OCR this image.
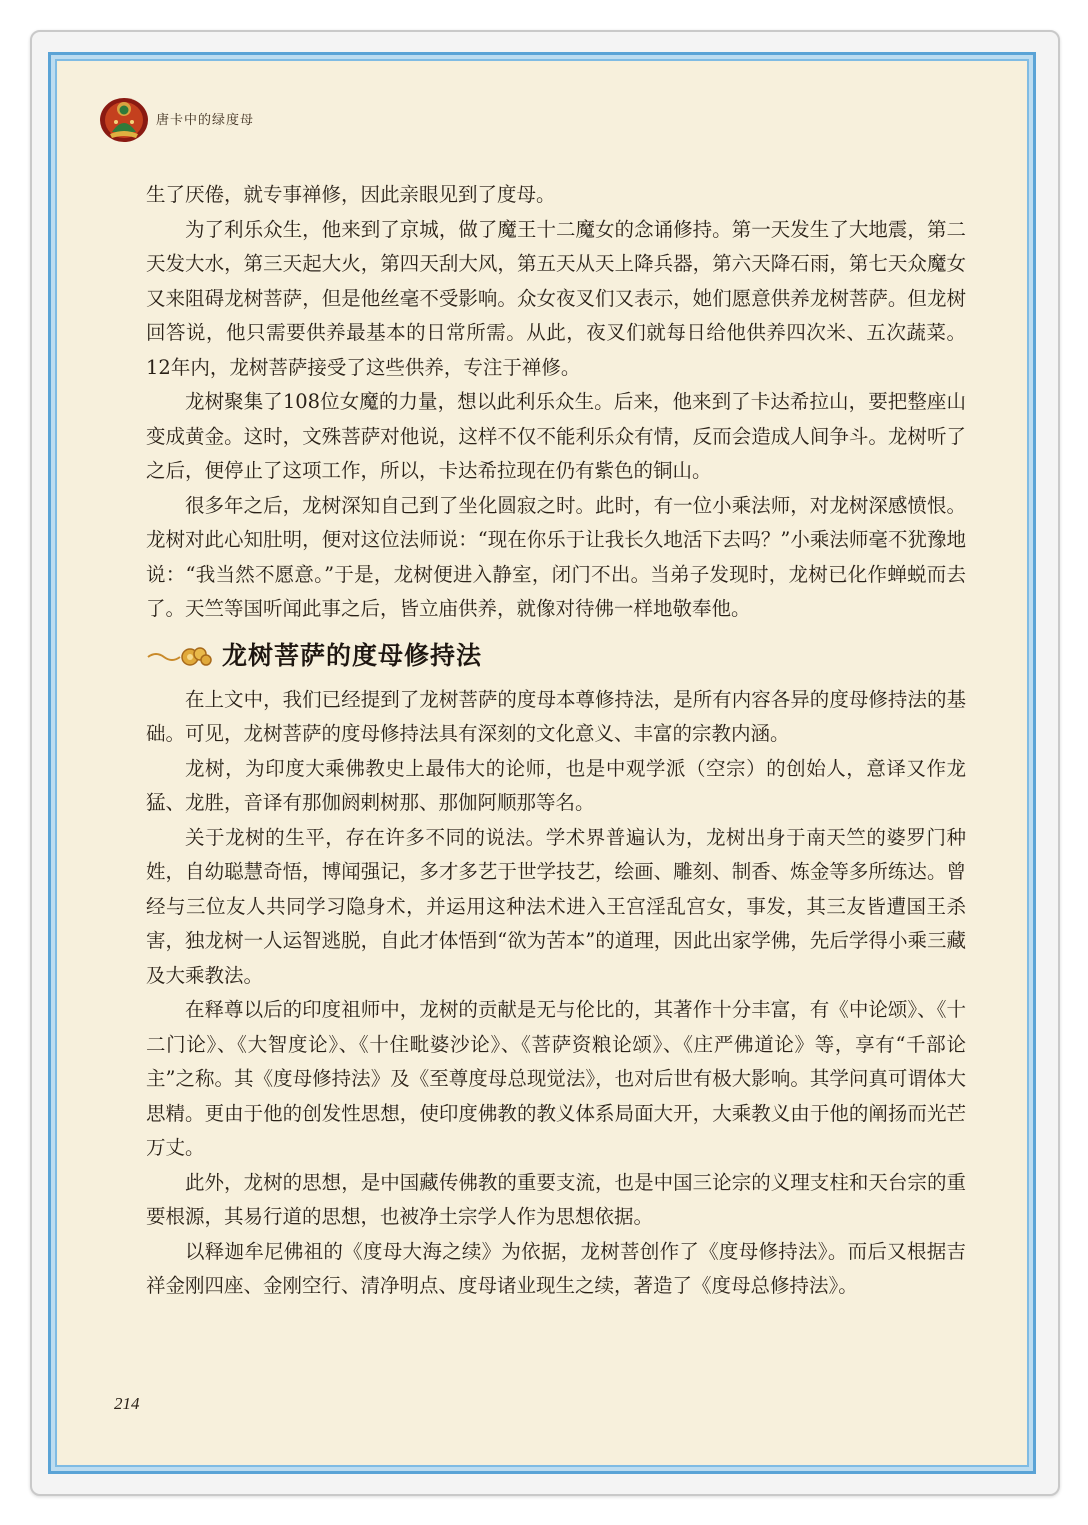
唐卡中的绿度母

生了厌倦，就专事禅修，因此亲眼见到了度母。

为了利乐众生，他来到了京城，做了魔王十二魔女的念诵修持。第一天发生了大地震，第二天发大水，第三天起大火，第四天刮大风，第五天从天上降兵器，第六天降石雨，第七天众魔女又来阻碍龙树菩萨，但是他丝毫不受影响。众女夜叉们又表示，她们愿意供养龙树菩萨。但龙树回答说，他只需要供养最基本的日常所需。从此，夜叉们就每日给他供养四次米、五次蔬菜。12年内，龙树菩萨接受了这些供养，专注于禅修。

龙树聚集了108位女魔的力量，想以此利乐众生。后来，他来到了卡达希拉山，要把整座山变成黄金。这时，文殊菩萨对他说，这样不仅不能利乐众有情，反而会造成人间争斗。龙树听了之后，便停止了这项工作，所以，卡达希拉现在仍有紫色的铜山。

很多年之后，龙树深知自己到了坐化圆寂之时。此时，有一位小乘法师，对龙树深感愤恨。龙树对此心知肚明，便对这位法师说：“现在你乐于让我长久地活下去吗？”小乘法师毫不犹豫地说：“我当然不愿意。”于是，龙树便进入静室，闭门不出。当弟子发现时，龙树已化作蝉蜕而去了。天竺等国听闻此事之后，皆立庙供养，就像对待佛一样地敬奉他。

龙树菩萨的度母修持法

在上文中，我们已经提到了龙树菩萨的度母本尊修持法，是所有内容各异的度母修持法的基础。可见，龙树菩萨的度母修持法具有深刻的文化意义、丰富的宗教内涵。

龙树，为印度大乘佛教史上最伟大的论师，也是中观学派（空宗）的创始人，意译又作龙猛、龙胜，音译有那伽阏剌树那、那伽阿顺那等名。

关于龙树的生平，存在许多不同的说法。学术界普遍认为，龙树出身于南天竺的婆罗门种姓，自幼聪慧奇悟，博闻强记，多才多艺于世学技艺，绘画、雕刻、制香、炼金等多所练达。曾经与三位友人共同学习隐身术，并运用这种法术进入王宫淫乱宫女，事发，其三友皆遭国王杀害，独龙树一人运智逃脱，自此才体悟到“欲为苦本”的道理，因此出家学佛，先后学得小乘三藏及大乘教法。

在释尊以后的印度祖师中，龙树的贡献是无与伦比的，其著作十分丰富，有《中论颂》、《十二门论》、《大智度论》、《十住毗婆沙论》、《菩萨资粮论颂》、《庄严佛道论》等，享有“千部论主”之称。其《度母修持法》及《至尊度母总现觉法》，也对后世有极大影响。其学问真可谓体大思精。更由于他的创发性思想，使印度佛教的教义体系局面大开，大乘教义由于他的阐扬而光芒万丈。

此外，龙树的思想，是中国藏传佛教的重要支流，也是中国三论宗的义理支柱和天台宗的重要根源，其易行道的思想，也被净土宗学人作为思想依据。

以释迦牟尼佛祖的《度母大海之续》为依据，龙树菩创作了《度母修持法》。而后又根据吉祥金刚四座、金刚空行、清净明点、度母诸业现生之续，著造了《度母总修持法》。

214
